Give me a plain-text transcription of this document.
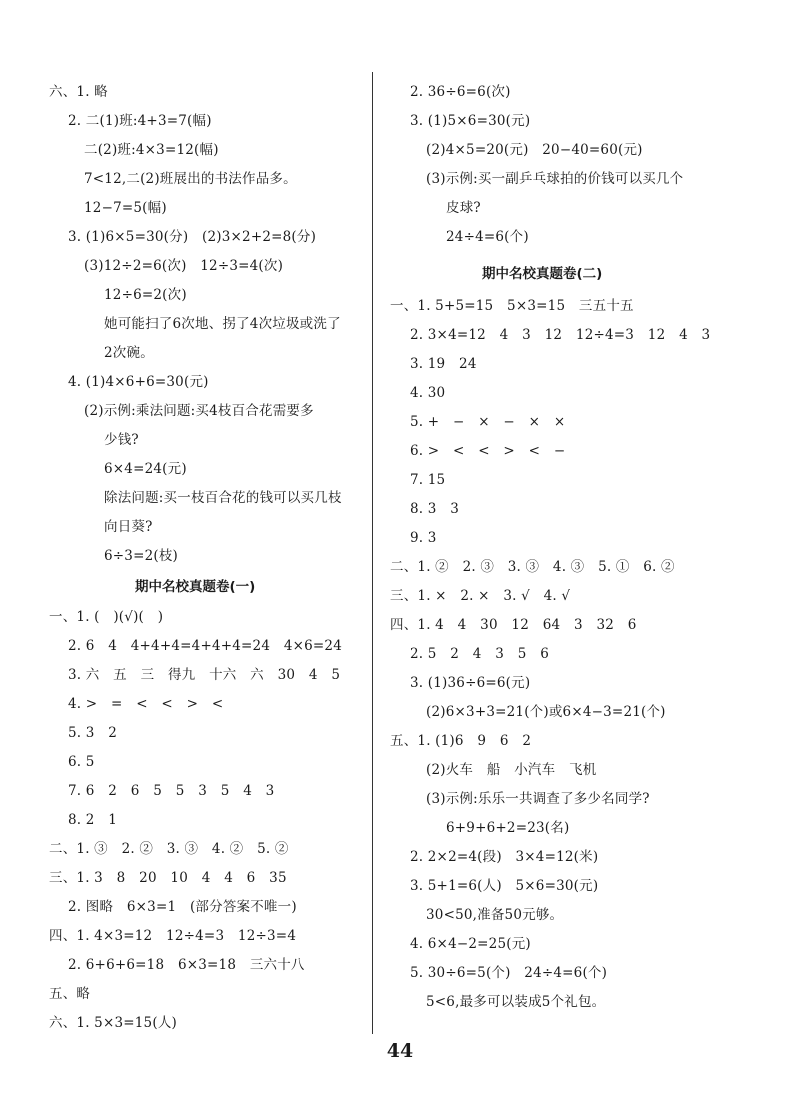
六、1. 略
2. 二(1)班:4+3=7(幅)
二(2)班:4×3=12(幅)
7<12,二(2)班展出的书法作品多。
12−7=5(幅)
3. (1)6×5=30(分)　(2)3×2+2=8(分)
(3)12÷2=6(次)　12÷3=4(次)
12÷6=2(次)
她可能扫了6次地、拐了4次垃圾或洗了
2次碗。
4. (1)4×6+6=30(元)
(2)示例:乘法问题:买4枝百合花需要多
少钱?
6×4=24(元)
除法问题:买一枝百合花的钱可以买几枝
向日葵?
6÷3=2(枝)
期中名校真题卷(一)
一、1. (　)(√)(　)
2. 6　4　4+4+4=4+4+4=24　4×6=24
3. 六　五　三　得九　十六　六　30　4　5
4. >　=　<　<　>　<
5. 3　2
6. 5
7. 6　2　6　5　5　3　5　4　3
8. 2　1
二、1. ③　2. ②　3. ③　4. ②　5. ②
三、1. 3　8　20　10　4　4　6　35
2. 图略　6×3=1　(部分答案不唯一)
四、1. 4×3=12　12÷4=3　12÷3=4
2. 6+6+6=18　6×3=18　三六十八
五、略
六、1. 5×3=15(人)
2. 36÷6=6(次)
3. (1)5×6=30(元)
(2)4×5=20(元)　20−40=60(元)
(3)示例:买一副乒乓球拍的价钱可以买几个
皮球?
24÷4=6(个)
期中名校真题卷(二)
一、1. 5+5=15　5×3=15　三五十五
2. 3×4=12　4　3　12　12÷4=3　12　4　3
3. 19　24
4. 30
5. +　−　×　−　×　×
6. >　<　<　>　<　−
7. 15
8. 3　3
9. 3
二、1. ②　2. ③　3. ③　4. ③　5. ①　6. ②
三、1. ×　2. ×　3. √　4. √
四、1. 4　4　30　12　64　3　32　6
2. 5　2　4　3　5　6
3. (1)36÷6=6(元)
(2)6×3+3=21(个)或6×4−3=21(个)
五、1. (1)6　9　6　2
(2)火车　船　小汽车　飞机
(3)示例:乐乐一共调查了多少名同学?
6+9+6+2=23(名)
2. 2×2=4(段)　3×4=12(米)
3. 5+1=6(人)　5×6=30(元)
30<50,准备50元够。
4. 6×4−2=25(元)
5. 30÷6=5(个)　24÷4=6(个)
5<6,最多可以装成5个礼包。
44
